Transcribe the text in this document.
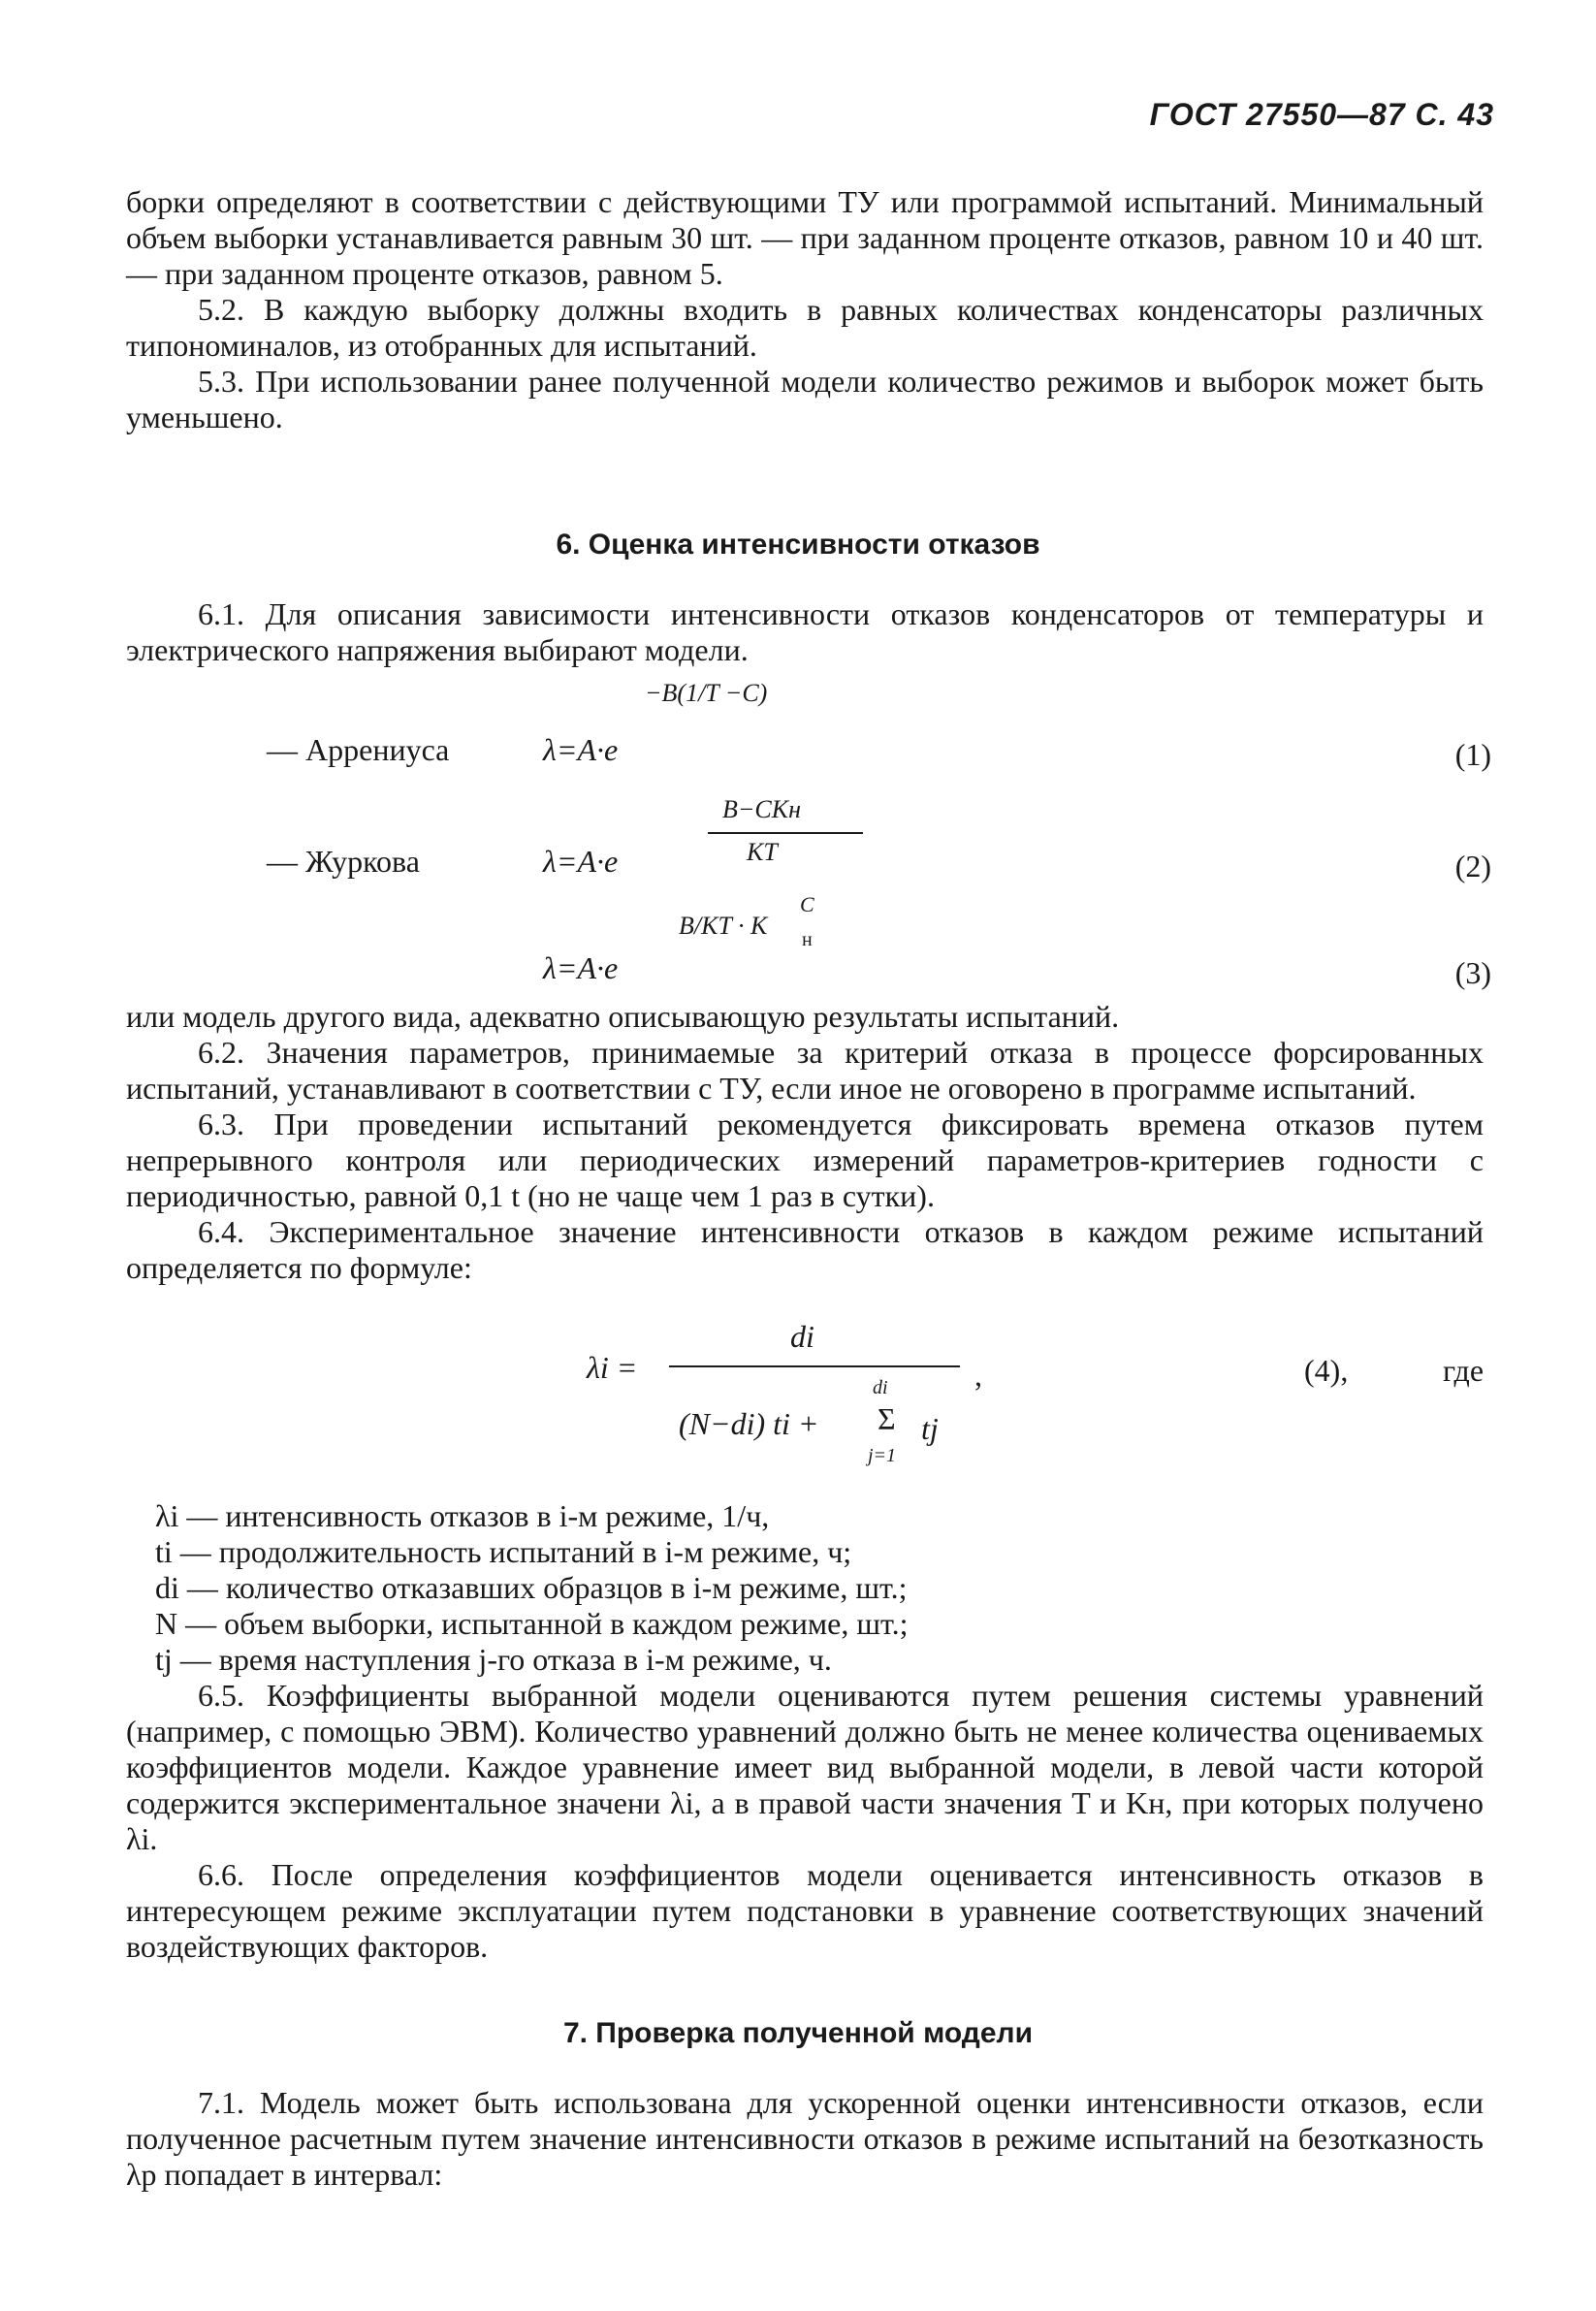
ГОСТ 27550—87 С. 43

борки определяют в соответствии с действующими ТУ или программой испытаний. Минимальный объем выборки устанавливается равным 30 шт. — при заданном проценте отказов, равном 10 и 40 шт. — при заданном проценте отказов, равном 5.

5.2. В каждую выборку должны входить в равных количествах конденсаторы различных типономиналов, из отобранных для испытаний.

5.3. При использовании ранее полученной модели количество режимов и выборок может быть уменьшено.

6. Оценка интенсивности отказов

6.1. Для описания зависимости интенсивности отказов конденсаторов от температуры и электрического напряжения выбирают модели.

— Аррениуса	λ=A·e
−B(1/T −C)
(1)
— Журкова	λ=A·e
B−CKн
KT	(2)
λ=A·e
B/KT · K
C
н
(3)

или модель другого вида, адекватно описывающую результаты испытаний.

6.2. Значения параметров, принимаемые за критерий отказа в процессе форсированных испытаний, устанавливают в соответствии с ТУ, если иное не оговорено в программе испытаний.

6.3. При проведении испытаний рекомендуется фиксировать времена отказов путем непрерывного контроля или периодических измерений параметров-критериев годности с периодичностью, равной 0,1 t (но не чаще чем 1 раз в сутки).

6.4. Экспериментальное значение интенсивности отказов в каждом режиме испытаний определяется по формуле:

λi =
di
(N−di) ti +
di
Σ
j=1
tj
,	(4),	где
λi — интенсивность отказов в i-м режиме, 1/ч,
ti — продолжительность испытаний в i-м режиме, ч;
di — количество отказавших образцов в i-м режиме, шт.;
N — объем выборки, испытанной в каждом режиме, шт.;
tj — время наступления j-го отказа в i-м режиме, ч.

6.5. Коэффициенты выбранной модели оцениваются путем решения системы уравнений (например, с помощью ЭВМ). Количество уравнений должно быть не менее количества оцениваемых коэффициентов модели. Каждое уравнение имеет вид выбранной модели, в левой части которой содержится экспериментальное значени λi, а в правой части значения T и Kн, при которых получено λi.

6.6. После определения коэффициентов модели оценивается интенсивность отказов в интересующем режиме эксплуатации путем подстановки в уравнение соответствующих значений воздействующих факторов.

7. Проверка полученной модели

7.1. Модель может быть использована для ускоренной оценки интенсивности отказов, если полученное расчетным путем значение интенсивности отказов в режиме испытаний на безотказность λр попадает в интервал:
